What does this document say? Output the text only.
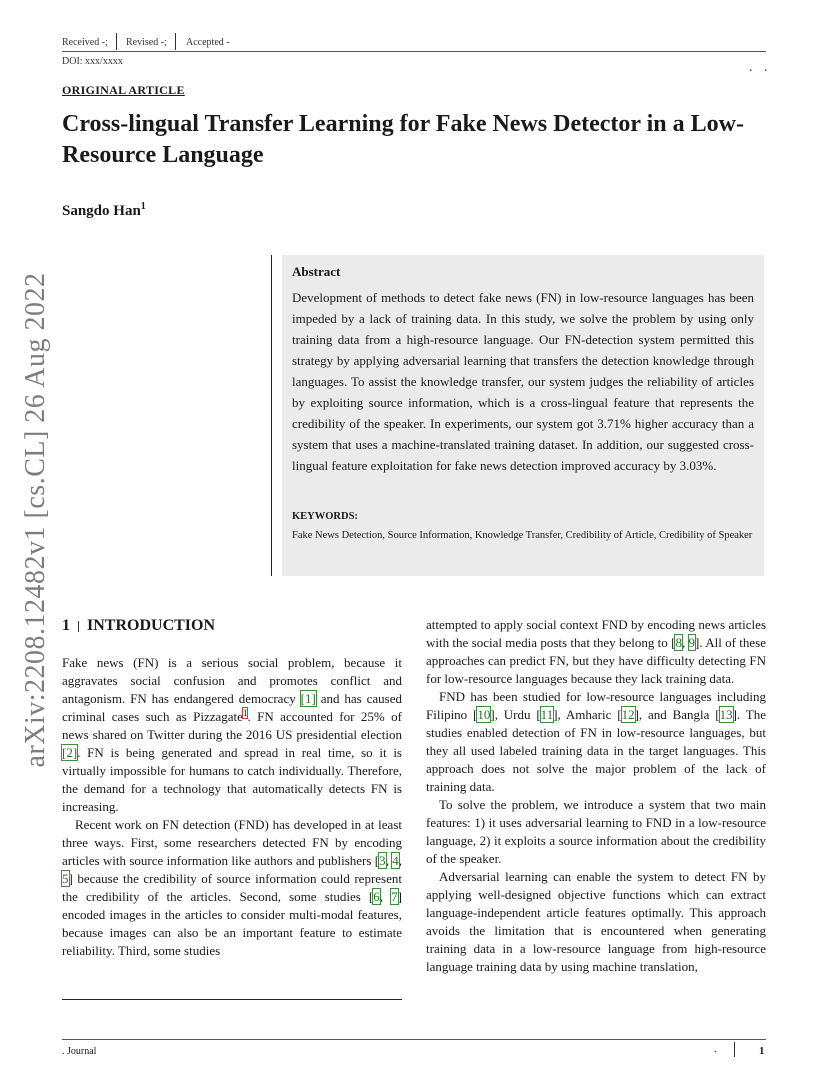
Received -; Revised -; Accepted -
DOI: xxx/xxxx	. .
ORIGINAL ARTICLE
Cross-lingual Transfer Learning for Fake News Detector in a Low-Resource Language
Sangdo Han$^1$
arXiv:2208.12482v1 [cs.CL] 26 Aug 2022
Abstract

Development of methods to detect fake news (FN) in low-resource languages has been impeded by a lack of training data. In this study, we solve the problem by using only training data from a high-resource language. Our FN-detection system permitted this strategy by applying adversarial learning that transfers the detection knowledge through languages. To assist the knowledge transfer, our system judges the reliability of articles by exploiting source information, which is a cross-lingual feature that represents the credibility of the speaker. In experiments, our system got 3.71% higher accuracy than a system that uses a machine-translated training dataset. In addition, our suggested cross-lingual feature exploitation for fake news detection improved accuracy by 3.03%.

KEYWORDS:

Fake News Detection, Source Information, Knowledge Transfer, Credibility of Article, Credibility of Speaker

1 INTRODUCTION

Fake news (FN) is a serious social problem, because it aggravates social confusion and promotes conflict and antagonism. FN has endangered democracy [1] and has caused criminal cases such as Pizzagate$^1$. FN accounted for 25% of news shared on Twitter during the 2016 US presidential election [2]. FN is being generated and spread in real time, so it is virtually impossible for humans to catch individually. Therefore, the demand for a technology that automatically detects FN is increasing.

Recent work on FN detection (FND) has developed in at least three ways. First, some researchers detected FN by encoding articles with source information like authors and publishers [3, 4, 5] because the credibility of source information could represent the credibility of the articles. Second, some studies [6, 7] encoded images in the articles to consider multi-modal features, because images can also be an important feature to estimate reliability. Third, some studies

attempted to apply social context FND by encoding news articles with the social media posts that they belong to [8, 9]. All of these approaches can predict FN, but they have difficulty detecting FN for low-resource languages because they lack training data.

FND has been studied for low-resource languages including Filipino [10], Urdu [11], Amharic [12], and Bangla [13]. The studies enabled detection of FN in low-resource languages, but they all used labeled training data in the target languages. This approach does not solve the major problem of the lack of training data.

To solve the problem, we introduce a system that two main features: 1) it uses adversarial learning to FND in a low-resource language, 2) it exploits a source information about the credibility of the speaker.

Adversarial learning can enable the system to detect FN by applying well-designed objective functions which can extract language-independent article features optimally. This approach avoids the limitation that is encountered when generating training data in a low-resource language from high-resource language training data by using machine translation,

. Journal	.	1
